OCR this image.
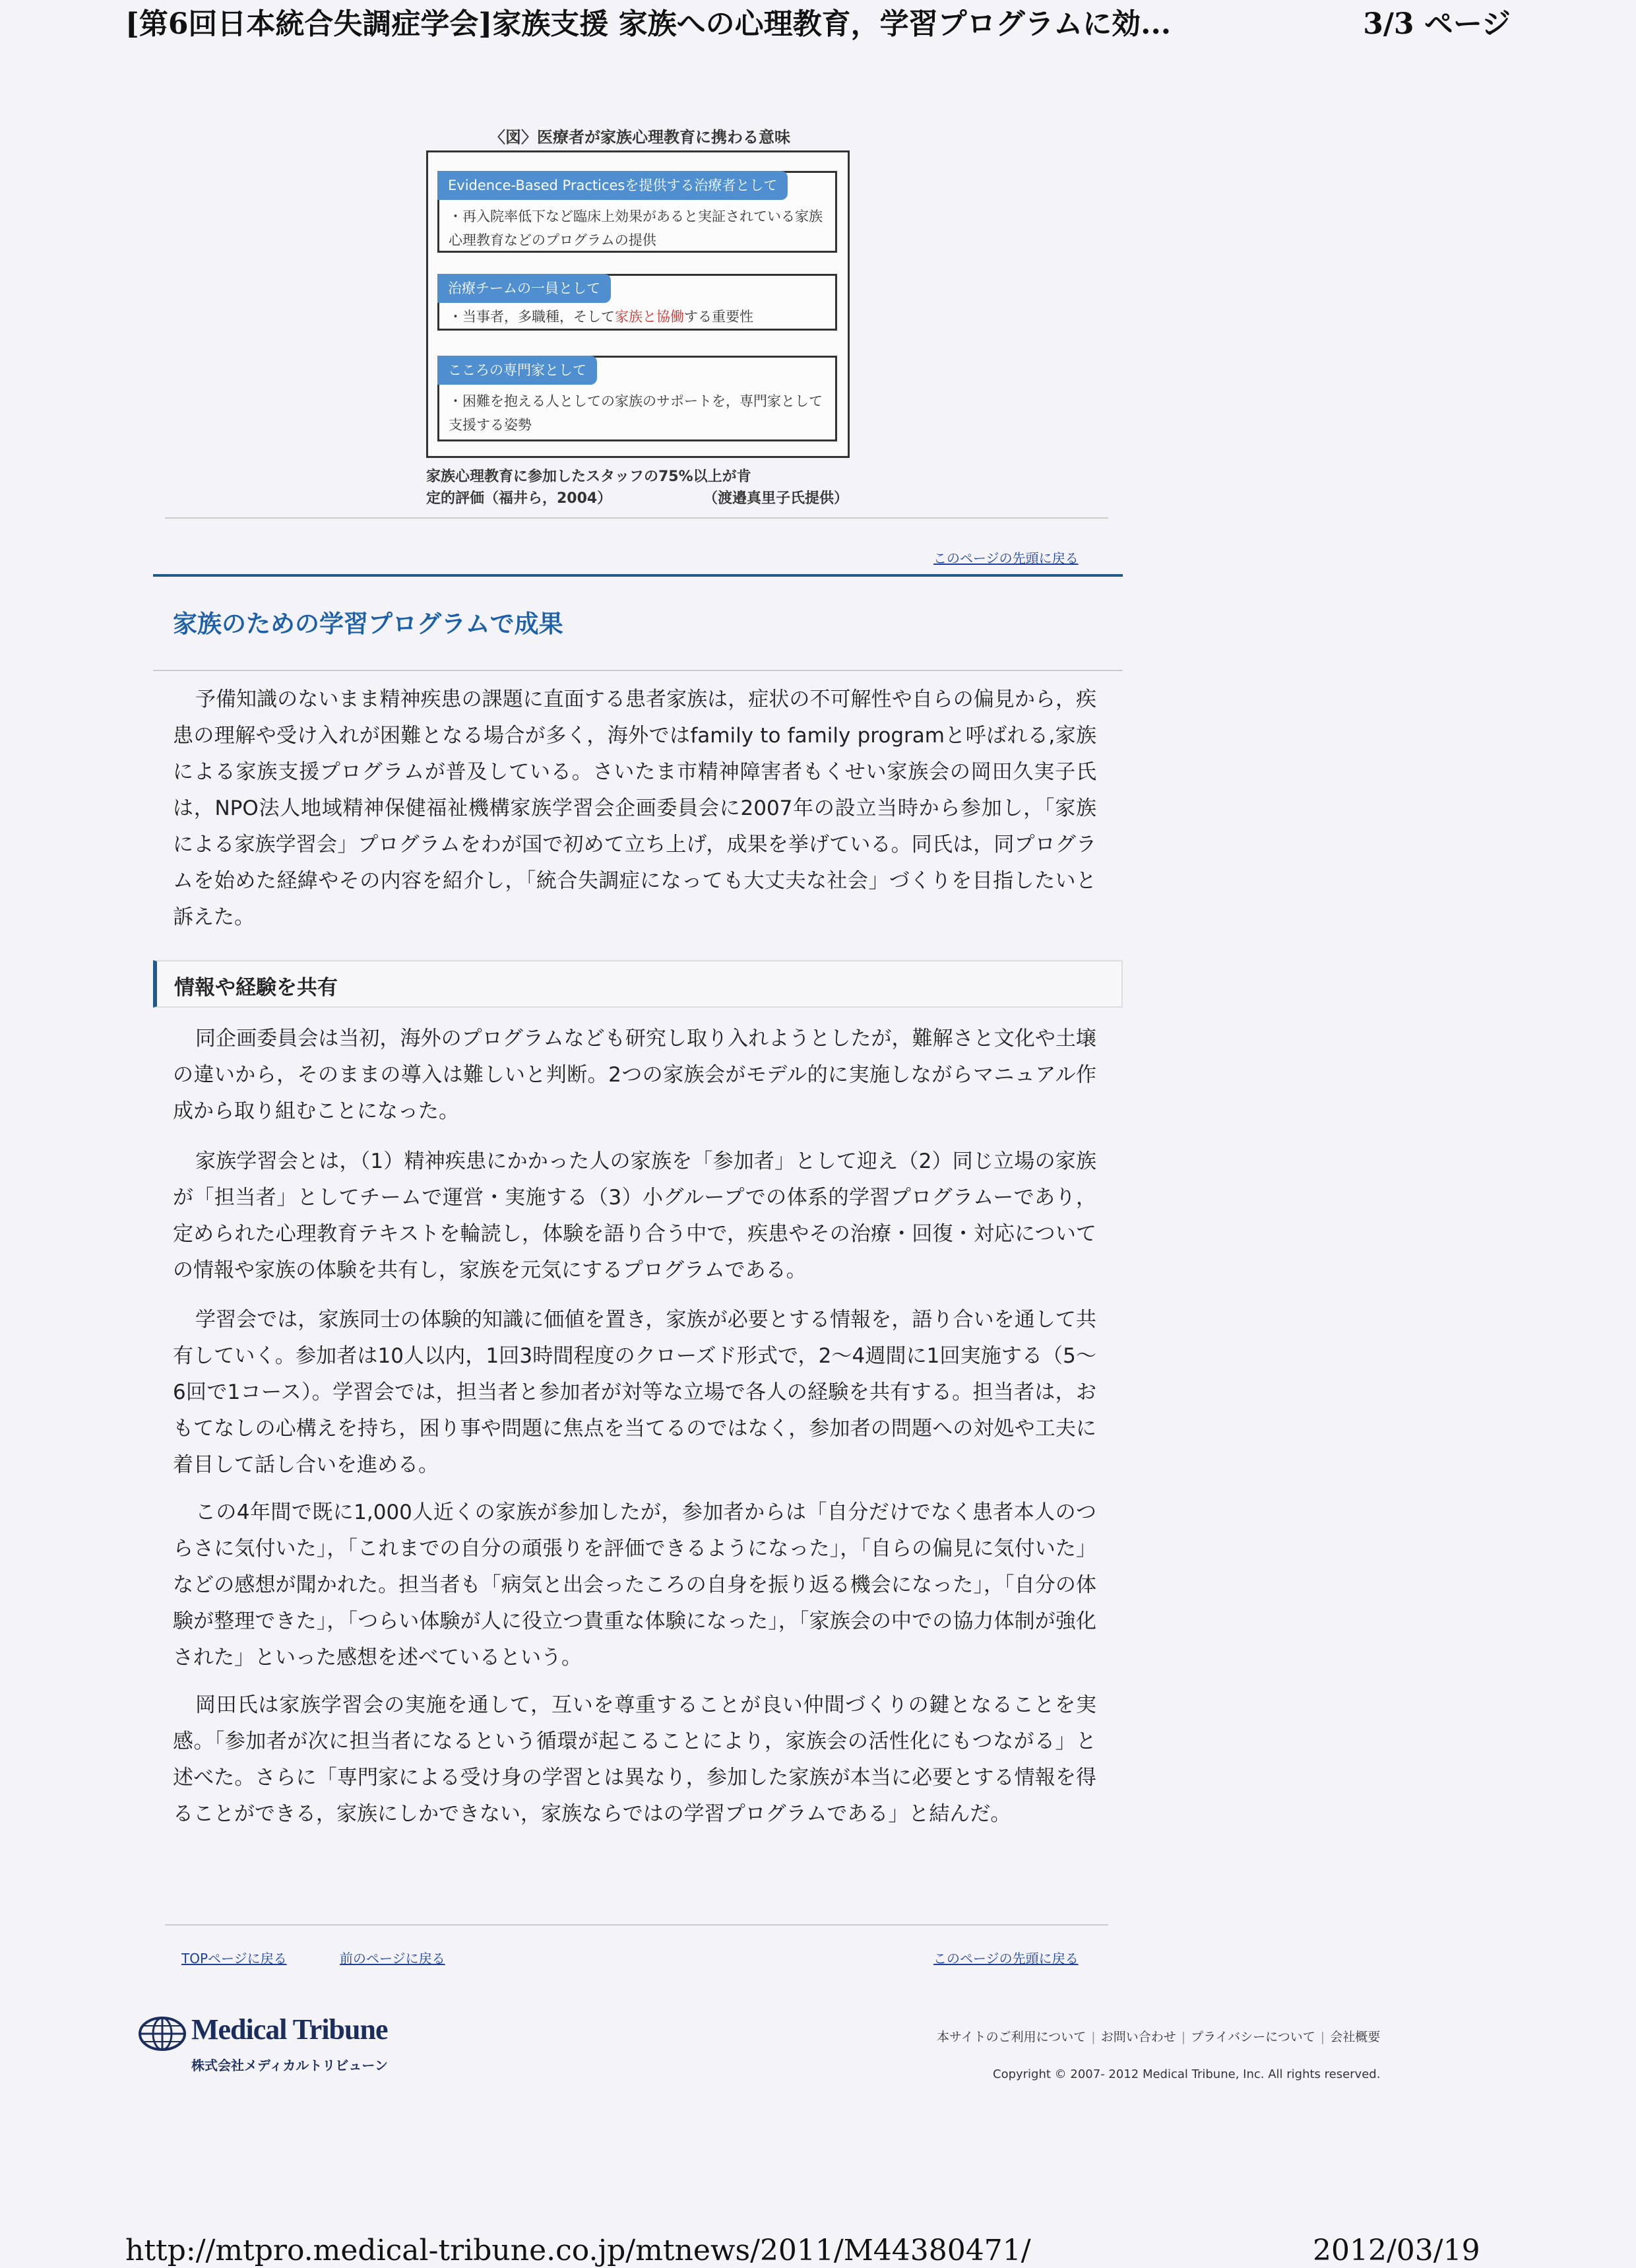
[第6回日本統合失調症学会]家族支援 家族への心理教育，学習プログラムに効...	3/3 ページ
〈図〉医療者が家族心理教育に携わる意味
Evidence-Based Practicesを提供する治療者として
・再入院率低下など臨床上効果があると実証されている家族心理教育などのプログラムの提供
治療チームの一員として
・当事者，多職種，そして家族と協働する重要性
こころの専門家として
・困難を抱える人としての家族のサポートを，専門家として支援する姿勢
家族心理教育に参加したスタッフの75%以上が肯
定的評価（福井ら，2004）	（渡邉真里子氏提供）
このページの先頭に戻る
家族のための学習プログラムで成果
予備知識のないまま精神疾患の課題に直面する患者家族は，症状の不可解性や自らの偏見から，疾患の理解や受け入れが困難となる場合が多く，海外ではfamily to family programと呼ばれる,家族による家族支援プログラムが普及している。さいたま市精神障害者もくせい家族会の岡田久実子氏は，NPO法人地域精神保健福祉機構家族学習会企画委員会に2007年の設立当時から参加し，「家族による家族学習会」プログラムをわが国で初めて立ち上げ，成果を挙げている。同氏は，同プログラムを始めた経緯やその内容を紹介し，「統合失調症になっても大丈夫な社会」づくりを目指したいと訴えた。
情報や経験を共有
同企画委員会は当初，海外のプログラムなども研究し取り入れようとしたが，難解さと文化や土壌の違いから，そのままの導入は難しいと判断。2つの家族会がモデル的に実施しながらマニュアル作成から取り組むことになった。
家族学習会とは，（1）精神疾患にかかった人の家族を「参加者」として迎え（2）同じ立場の家族が「担当者」としてチームで運営・実施する（3）小グループでの体系的学習プログラムーであり，定められた心理教育テキストを輪読し，体験を語り合う中で，疾患やその治療・回復・対応についての情報や家族の体験を共有し，家族を元気にするプログラムである。
学習会では，家族同士の体験的知識に価値を置き，家族が必要とする情報を，語り合いを通して共有していく。参加者は10人以内，1回3時間程度のクローズド形式で，2〜4週間に1回実施する（5〜6回で1コース）。学習会では，担当者と参加者が対等な立場で各人の経験を共有する。担当者は，おもてなしの心構えを持ち，困り事や問題に焦点を当てるのではなく，参加者の問題への対処や工夫に着目して話し合いを進める。
この4年間で既に1,000人近くの家族が参加したが，参加者からは「自分だけでなく患者本人のつらさに気付いた」，「これまでの自分の頑張りを評価できるようになった」，「自らの偏見に気付いた」などの感想が聞かれた。担当者も「病気と出会ったころの自身を振り返る機会になった」，「自分の体験が整理できた」，「つらい体験が人に役立つ貴重な体験になった」，「家族会の中での協力体制が強化された」といった感想を述べているという。
岡田氏は家族学習会の実施を通して，互いを尊重することが良い仲間づくりの鍵となることを実感。「参加者が次に担当者になるという循環が起こることにより，家族会の活性化にもつながる」と述べた。さらに「専門家による受け身の学習とは異なり，参加した家族が本当に必要とする情報を得ることができる，家族にしかできない，家族ならではの学習プログラムである」と結んだ。
TOPページに戻る	前のページに戻る	このページの先頭に戻る
Medical Tribune
株式会社メディカルトリビューン
本サイトのご利用について | お問い合わせ | プライバシーについて | 会社概要
Copyright © 2007- 2012 Medical Tribune, Inc. All rights reserved.
http://mtpro.medical-tribune.co.jp/mtnews/2011/M44380471/	2012/03/19
